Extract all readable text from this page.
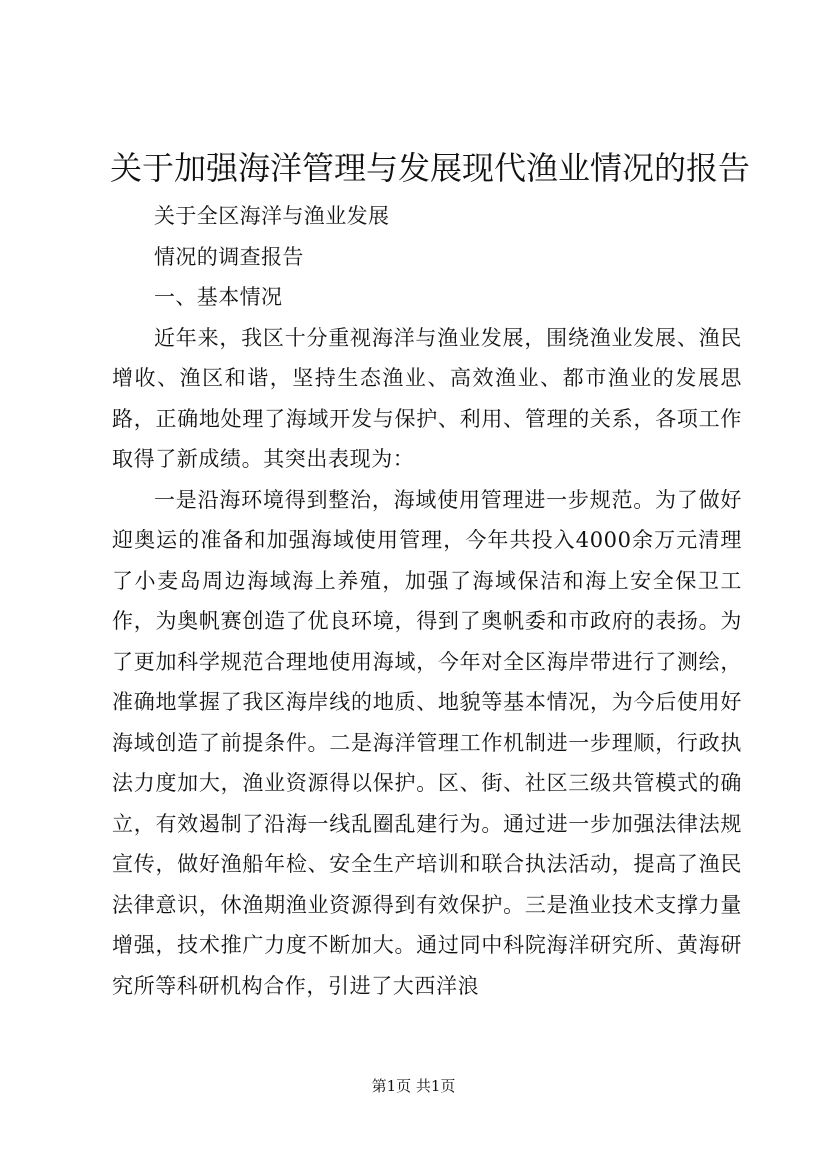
关于加强海洋管理与发展现代渔业情况的报告

关于全区海洋与渔业发展

情况的调查报告

一、基本情况

近年来，我区十分重视海洋与渔业发展，围绕渔业发展、渔民增收、渔区和谐，坚持生态渔业、高效渔业、都市渔业的发展思路，正确地处理了海域开发与保护、利用、管理的关系，各项工作取得了新成绩。其突出表现为：

一是沿海环境得到整治，海域使用管理进一步规范。为了做好迎奥运的准备和加强海域使用管理，今年共投入4000余万元清理了小麦岛周边海域海上养殖，加强了海域保洁和海上安全保卫工作，为奥帆赛创造了优良环境，得到了奥帆委和市政府的表扬。为了更加科学规范合理地使用海域，今年对全区海岸带进行了测绘，准确地掌握了我区海岸线的地质、地貌等基本情况，为今后使用好海域创造了前提条件。二是海洋管理工作机制进一步理顺，行政执法力度加大，渔业资源得以保护。区、街、社区三级共管模式的确立，有效遏制了沿海一线乱圈乱建行为。通过进一步加强法律法规宣传，做好渔船年检、安全生产培训和联合执法活动，提高了渔民法律意识，休渔期渔业资源得到有效保护。三是渔业技术支撑力量增强，技术推广力度不断加大。通过同中科院海洋研究所、黄海研究所等科研机构合作，引进了大西洋浪

第1页 共1页
